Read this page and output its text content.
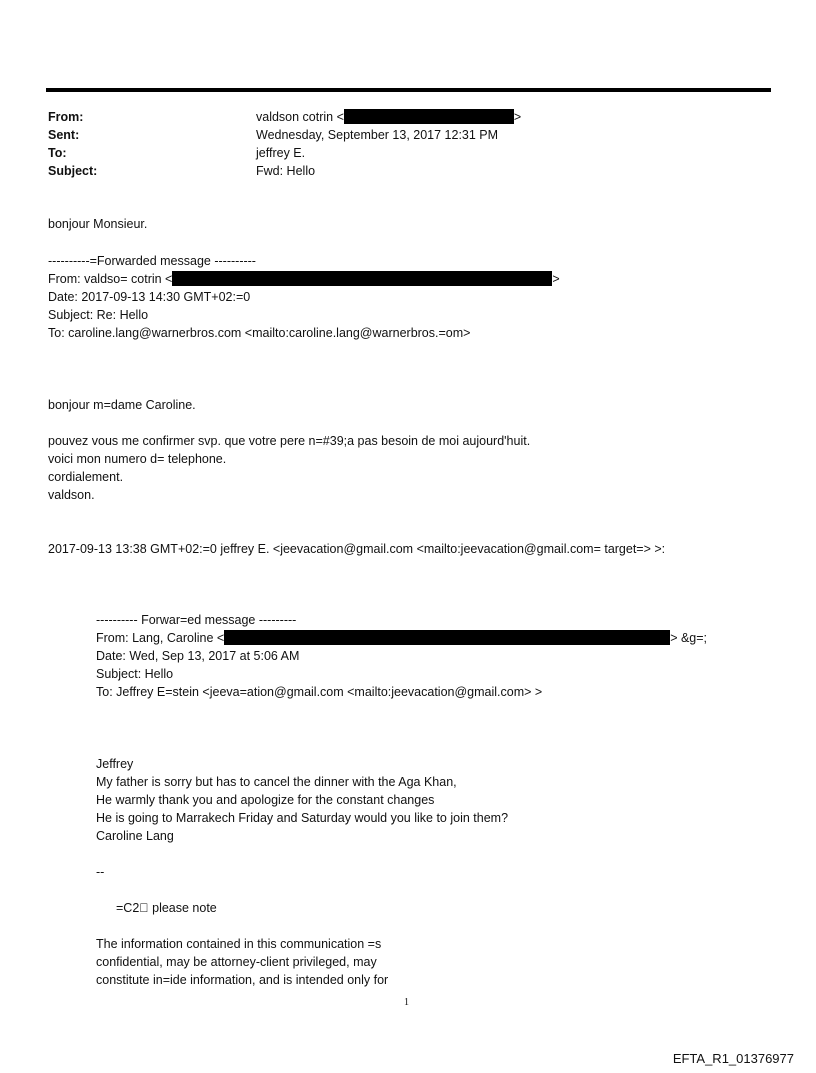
From:	valdson cotrin <	>
Sent:	Wednesday, September 13, 2017 12:31 PM
To:	jeffrey E.
Subject:	Fwd: Hello
bonjour Monsieur.
----------=Forwarded message ----------
From: valdso= cotrin <	>
Date: 2017-09-13 14:30 GMT+02:=0
Subject: Re: Hello
To: caroline.lang@warnerbros.com <mailto:caroline.lang@warnerbros.=om>
bonjour m=dame Caroline.
pouvez vous me confirmer svp. que votre pere n=#39;a pas besoin de moi aujourd'huit.
voici mon numero d= telephone.
cordialement.
valdson.
2017-09-13 13:38 GMT+02:=0 jeffrey E. <jeevacation@gmail.com <mailto:jeevacation@gmail.com= target=> >:
---------- Forwar=ed message ---------
From: Lang, Caroline <	> &g=;
Date: Wed, Sep 13, 2017 at 5:06 AM
Subject: Hello
To: Jeffrey E=stein <jeeva=ation@gmail.com <mailto:jeevacation@gmail.com> >
Jeffrey
My father is sorry but has to cancel the dinner with the Aga Khan,
He warmly thank you and apologize for the constant changes
He is going to Marrakech Friday and Saturday would you like to join them?
Caroline Lang
--
=C2  please note
The information contained in this communication =s
confidential, may be attorney-client privileged, may
constitute in=ide information, and is intended only for
1
EFTA_R1_01376977
